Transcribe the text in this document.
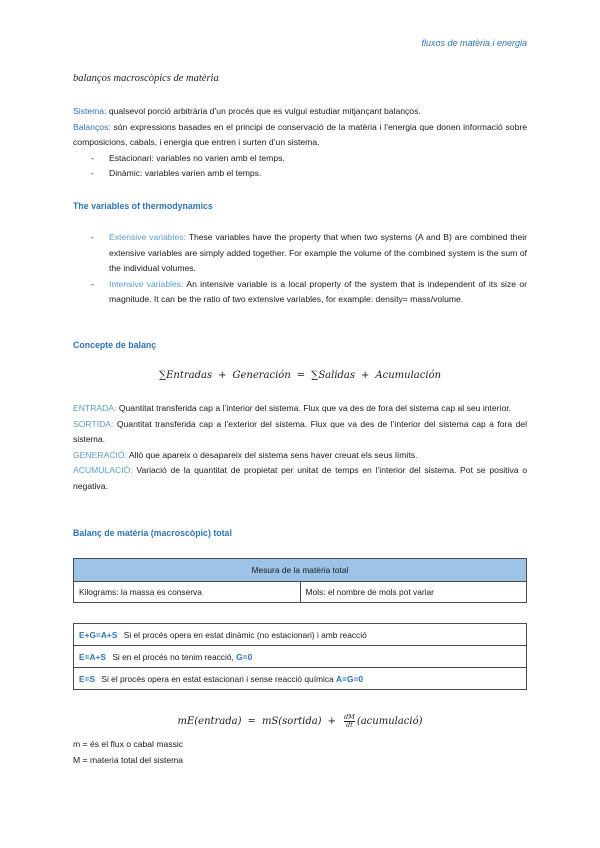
fluxos de matèria i energia
balanços macroscòpics de matèria
Sistema: qualsevol porció arbitrària d’un procés que es vulgui estudiar mitjançant balanços.
Balanços: són expressions basades en el principi de conservació de la matèria i l’energia que donen informació sobre composicions, cabals, i energia que entren i surten d’un sistema.
- Estacionari: variables no varien amb el temps.
- Dinàmic: variables varien amb el temps.
The variables of thermodynamics
- Extensive variables: These variables have the property that when two systems (A and B) are combined their extensive variables are simply added together. For example the volume of the combined system is the sum of the individual volumes.
- Intensive variables: An intensive variable is a local property of the system that is independent of its size or magnitude. It can be the ratio of two extensive variables, for example: density= mass/volume.
Concepte de balanç
∑Entradas + Generación = ∑Salidas + Acumulación
ENTRADA: Quantitat transferida cap a l’interior del sistema. Flux que va des de fora del sistema cap al seu interior.
SORTIDA: Quantitat transferida cap a l’exterior del sistema. Flux que va des de l’interior del sistema cap a fora del sistema.
GENERACIÓ: Allò que apareix o desapareix del sistema sens haver creuat els seus límits.
ACUMULACIÓ: Variació de la quantitat de propietat per unitat de temps en l’interior del sistema. Pot se positiva o negativa.
Balanç de matèria (macroscòpic) total
Mesura de la matèria total
Kilograms: la massa es conserva	Mols: el nombre de mols pot variar
E+G=A+S Si el procés opera en estat dinàmic (no estacionari) i amb reacció
E=A+S Si en el procés no tenim reacció, G=0
E=S Si el procés opera en estat estacionari i sense reacció química A=G=0
mE(entrada) = mS(sortida) + $\frac{dM}{dt}$ (acumulació)
m = és el flux o cabal massic
M = materia total del sistema
